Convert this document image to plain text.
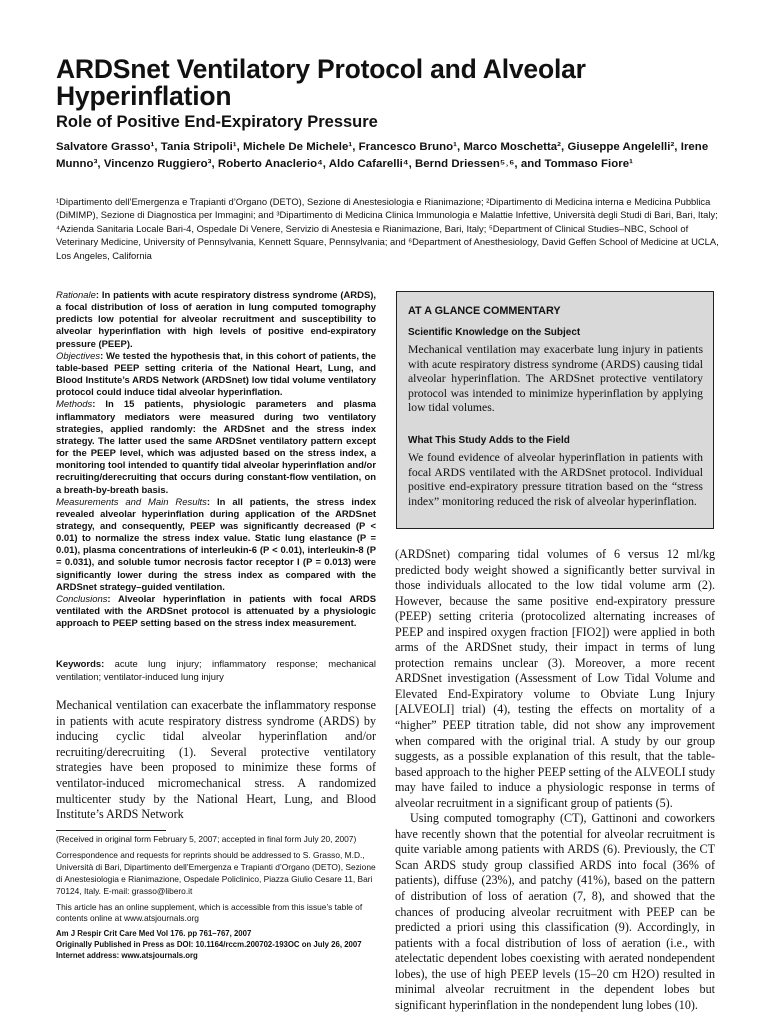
ARDSnet Ventilatory Protocol and Alveolar Hyperinflation
Role of Positive End-Expiratory Pressure
Salvatore Grasso¹, Tania Stripoli¹, Michele De Michele¹, Francesco Bruno¹, Marco Moschetta², Giuseppe Angelelli², Irene Munno³, Vincenzo Ruggiero³, Roberto Anaclerio⁴, Aldo Cafarelli⁴, Bernd Driessen⁵˒⁶, and Tommaso Fiore¹
¹Dipartimento dell’Emergenza e Trapianti d’Organo (DETO), Sezione di Anestesiologia e Rianimazione; ²Dipartimento di Medicina interna e Medicina Pubblica (DiMIMP), Sezione di Diagnostica per Immagini; and ³Dipartimento di Medicina Clinica Immunologia e Malattie Infettive, Università degli Studi di Bari, Bari, Italy; ⁴Azienda Sanitaria Locale Bari-4, Ospedale Di Venere, Servizio di Anestesia e Rianimazione, Bari, Italy; ⁵Department of Clinical Studies–NBC, School of Veterinary Medicine, University of Pennsylvania, Kennett Square, Pennsylvania; and ⁶Department of Anesthesiology, David Geffen School of Medicine at UCLA, Los Angeles, California

Rationale: In patients with acute respiratory distress syndrome (ARDS), a focal distribution of loss of aeration in lung computed tomography predicts low potential for alveolar recruitment and susceptibility to alveolar hyperinflation with high levels of positive end-expiratory pressure (PEEP).

Objectives: We tested the hypothesis that, in this cohort of patients, the table-based PEEP setting criteria of the National Heart, Lung, and Blood Institute’s ARDS Network (ARDSnet) low tidal volume ventilatory protocol could induce tidal alveolar hyperinflation.

Methods: In 15 patients, physiologic parameters and plasma inflammatory mediators were measured during two ventilatory strategies, applied randomly: the ARDSnet and the stress index strategy. The latter used the same ARDSnet ventilatory pattern except for the PEEP level, which was adjusted based on the stress index, a monitoring tool intended to quantify tidal alveolar hyperinflation and/or recruiting/derecruiting that occurs during constant-flow ventilation, on a breath-by-breath basis.

Measurements and Main Results: In all patients, the stress index revealed alveolar hyperinflation during application of the ARDSnet strategy, and consequently, PEEP was significantly decreased (P < 0.01) to normalize the stress index value. Static lung elastance (P = 0.01), plasma concentrations of interleukin-6 (P < 0.01), interleukin-8 (P = 0.031), and soluble tumor necrosis factor receptor I (P = 0.013) were significantly lower during the stress index as compared with the ARDSnet strategy–guided ventilation.

Conclusions: Alveolar hyperinflation in patients with focal ARDS ventilated with the ARDSnet protocol is attenuated by a physiologic approach to PEEP setting based on the stress index measurement.

Keywords: acute lung injury; inflammatory response; mechanical ventilation; ventilator-induced lung injury

Mechanical ventilation can exacerbate the inflammatory response in patients with acute respiratory distress syndrome (ARDS) by inducing cyclic tidal alveolar hyperinflation and/or recruiting/derecruiting (1). Several protective ventilatory strategies have been proposed to minimize these forms of ventilator-induced micromechanical stress. A randomized multicenter study by the National Heart, Lung, and Blood Institute’s ARDS Network

(Received in original form February 5, 2007; accepted in final form July 20, 2007)

Correspondence and requests for reprints should be addressed to S. Grasso, M.D., Università di Bari, Dipartimento dell’Emergenza e Trapianti d’Organo (DETO), Sezione di Anestesiologia e Rianimazione, Ospedale Policlinico, Piazza Giulio Cesare 11, Bari 70124, Italy. E-mail: grasso@libero.it

This article has an online supplement, which is accessible from this issue’s table of contents online at www.atsjournals.org

Am J Respir Crit Care Med Vol 176. pp 761–767, 2007
Originally Published in Press as DOI: 10.1164/rccm.200702-193OC on July 26, 2007
Internet address: www.atsjournals.org
AT A GLANCE COMMENTARY
Scientific Knowledge on the Subject

Mechanical ventilation may exacerbate lung injury in patients with acute respiratory distress syndrome (ARDS) causing tidal alveolar hyperinflation. The ARDSnet protective ventilatory protocol was intended to minimize hyperinflation by applying low tidal volumes.

What This Study Adds to the Field

We found evidence of alveolar hyperinflation in patients with focal ARDS ventilated with the ARDSnet protocol. Individual positive end-expiratory pressure titration based on the “stress index” monitoring reduced the risk of alveolar hyperinflation.

(ARDSnet) comparing tidal volumes of 6 versus 12 ml/kg predicted body weight showed a significantly better survival in those individuals allocated to the low tidal volume arm (2). However, because the same positive end-expiratory pressure (PEEP) setting criteria (protocolized alternating increases of PEEP and inspired oxygen fraction [FIO2]) were applied in both arms of the ARDSnet study, their impact in terms of lung protection remains unclear (3). Moreover, a more recent ARDSnet investigation (Assessment of Low Tidal Volume and Elevated End-Expiratory volume to Obviate Lung Injury [ALVEOLI] trial) (4), testing the effects on mortality of a “higher” PEEP titration table, did not show any improvement when compared with the original trial. A study by our group suggests, as a possible explanation of this result, that the table-based approach to the higher PEEP setting of the ALVEOLI study may have failed to induce a physiologic response in terms of alveolar recruitment in a significant group of patients (5).

Using computed tomography (CT), Gattinoni and coworkers have recently shown that the potential for alveolar recruitment is quite variable among patients with ARDS (6). Previously, the CT Scan ARDS study group classified ARDS into focal (36% of patients), diffuse (23%), and patchy (41%), based on the pattern of distribution of loss of aeration (7, 8), and showed that the chances of producing alveolar recruitment with PEEP can be predicted a priori using this classification (9). Accordingly, in patients with a focal distribution of loss of aeration (i.e., with atelectatic dependent lobes coexisting with aerated nondependent lobes), the use of high PEEP levels (15–20 cm H2O) resulted in minimal alveolar recruitment in the dependent lobes but significant hyperinflation in the nondependent lung lobes (10).
